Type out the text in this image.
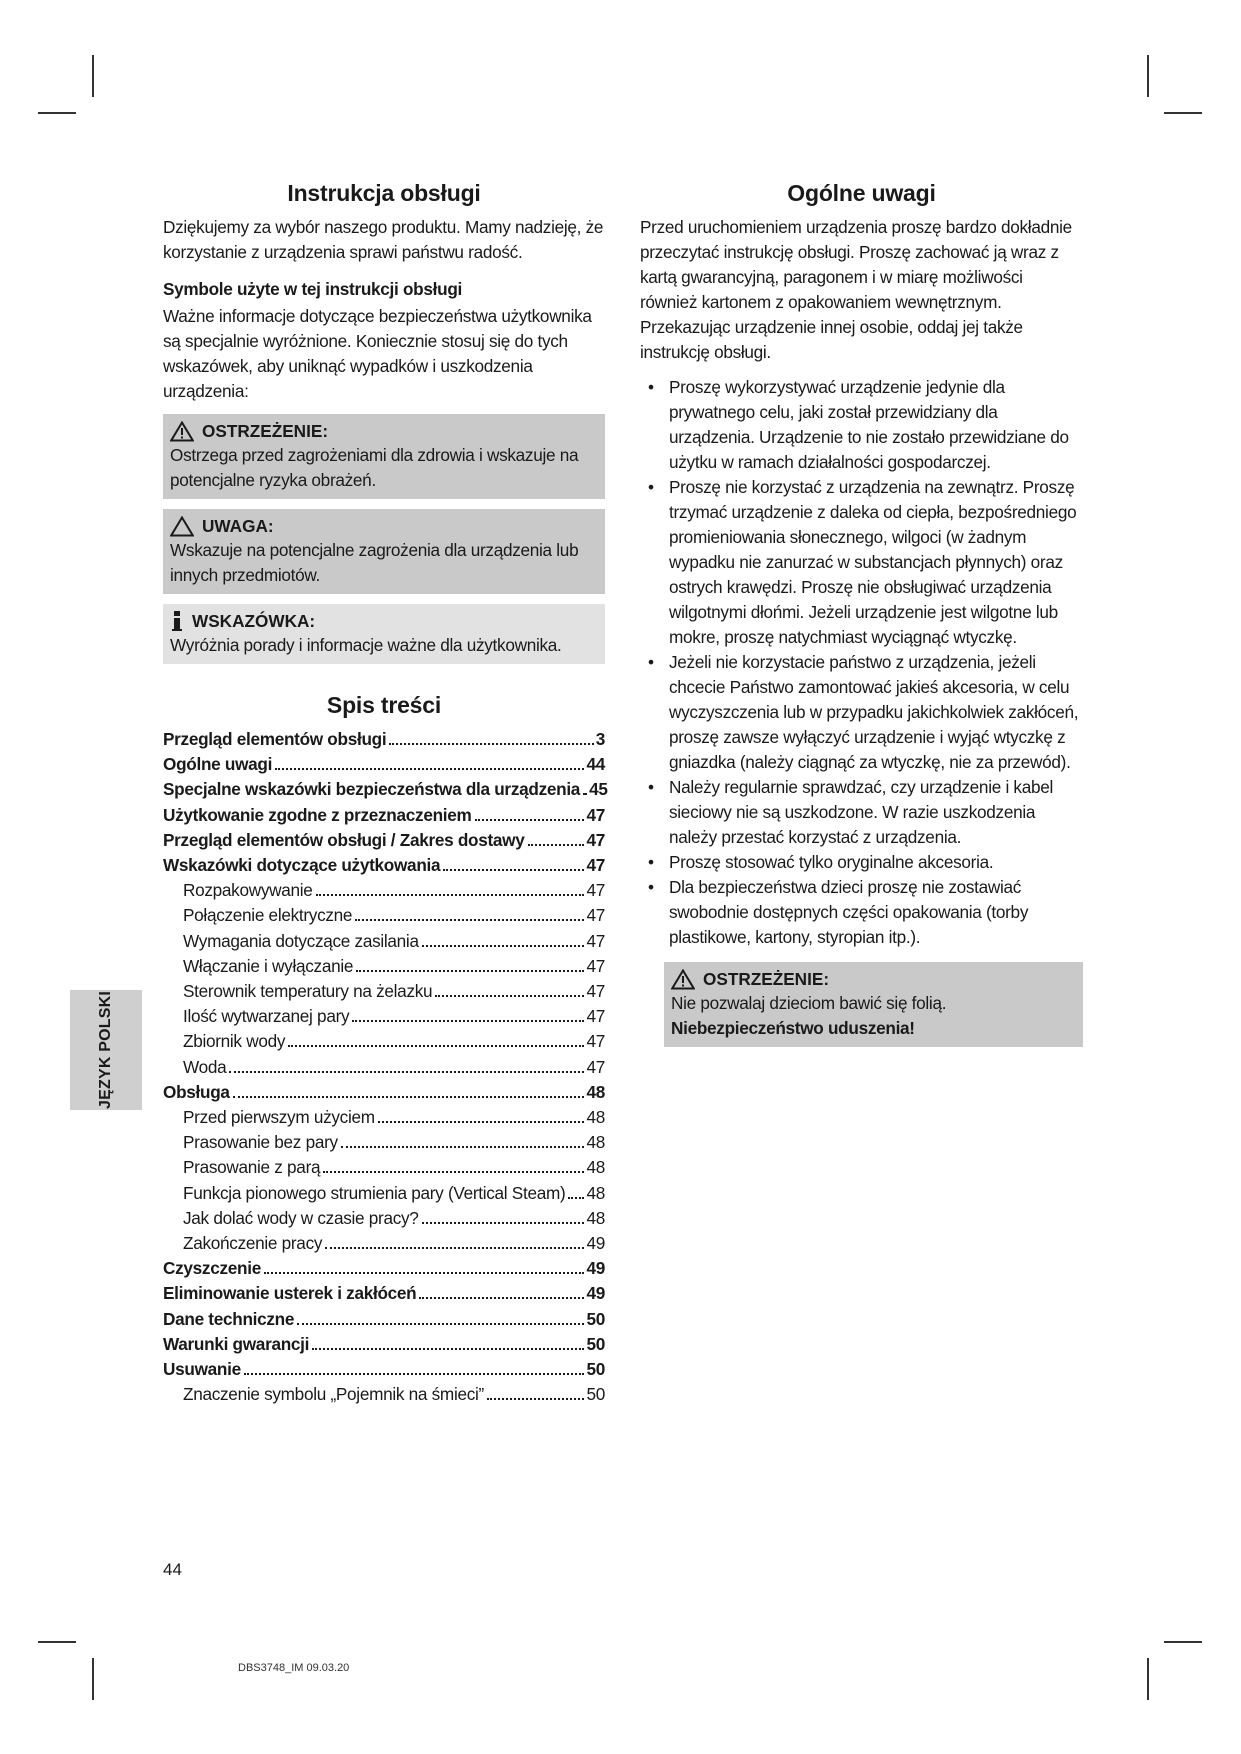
Instrukcja obsługi

Dziękujemy za wybór naszego produktu. Mamy nadzieję, że korzystanie z urządzenia sprawi państwu radość.

Symbole użyte w tej instrukcji obsługi

Ważne informacje dotyczące bezpieczeństwa użytkownika są specjalnie wyróżnione. Koniecznie stosuj się do tych wskazówek, aby uniknąć wypadków i uszkodzenia urządzenia:

OSTRZEŻENIE:
Ostrzega przed zagrożeniami dla zdrowia i wskazuje na potencjalne ryzyka obrażeń.
UWAGA:
Wskazuje na potencjalne zagrożenia dla urządzenia lub innych przedmiotów.
WSKAZÓWKA:
Wyróżnia porady i informacje ważne dla użytkownika.
Spis treści
Przegląd elementów obsługi	3
Ogólne uwagi	44
Specjalne wskazówki bezpieczeństwa dla urządzenia 45
Użytkowanie zgodne z przeznaczeniem	47
Przegląd elementów obsługi / Zakres dostawy	47
Wskazówki dotyczące użytkowania	47
Rozpakowywanie	47
Połączenie elektryczne	47
Wymagania dotyczące zasilania	47
Włączanie i wyłączanie	47
Sterownik temperatury na żelazku	47
Ilość wytwarzanej pary	47
Zbiornik wody	47
Woda	47
Obsługa	48
Przed pierwszym użyciem	48
Prasowanie bez pary	48
Prasowanie z parą	48
Funkcja pionowego strumienia pary (Vertical Steam) 48
Jak dolać wody w czasie pracy?	48
Zakończenie pracy	49
Czyszczenie	49
Eliminowanie usterek i zakłóceń	49
Dane techniczne	50
Warunki gwarancji	50
Usuwanie	50
Znaczenie symbolu „Pojemnik na śmieci”	50
Ogólne uwagi

Przed uruchomieniem urządzenia proszę bardzo dokładnie przeczytać instrukcję obsługi. Proszę zachować ją wraz z kartą gwarancyjną, paragonem i w miarę możliwości również kartonem z opakowaniem wewnętrznym. Przekazując urządzenie innej osobie, oddaj jej także instrukcję obsługi.

• Proszę wykorzystywać urządzenie jedynie dla prywatnego celu, jaki został przewidziany dla urządzenia. Urządzenie to nie zostało przewidziane do użytku w ramach działalności gospodarczej.
• Proszę nie korzystać z urządzenia na zewnątrz. Proszę trzymać urządzenie z daleka od ciepła, bezpośredniego promieniowania słonecznego, wilgoci (w żadnym wypadku nie zanurzać w substancjach płynnych) oraz ostrych krawędzi. Proszę nie obsługiwać urządzenia wilgotnymi dłońmi. Jeżeli urządzenie jest wilgotne lub mokre, proszę natychmiast wyciągnąć wtyczkę.
• Jeżeli nie korzystacie państwo z urządzenia, jeżeli chcecie Państwo zamontować jakieś akcesoria, w celu wyczyszczenia lub w przypadku jakichkolwiek zakłóceń, proszę zawsze wyłączyć urządzenie i wyjąć wtyczkę z gniazdka (należy ciągnąć za wtyczkę, nie za przewód).
• Należy regularnie sprawdzać, czy urządzenie i kabel sieciowy nie są uszkodzone. W razie uszkodzenia należy przestać korzystać z urządzenia.
• Proszę stosować tylko oryginalne akcesoria.
• Dla bezpieczeństwa dzieci proszę nie zostawiać swobodnie dostępnych części opakowania (torby plastikowe, kartony, styropian itp.).
OSTRZEŻENIE:
Nie pozwalaj dzieciom bawić się folią. Niebezpieczeństwo uduszenia!
JĘZYK POLSKI
44
DBS3748_IM 09.03.20
